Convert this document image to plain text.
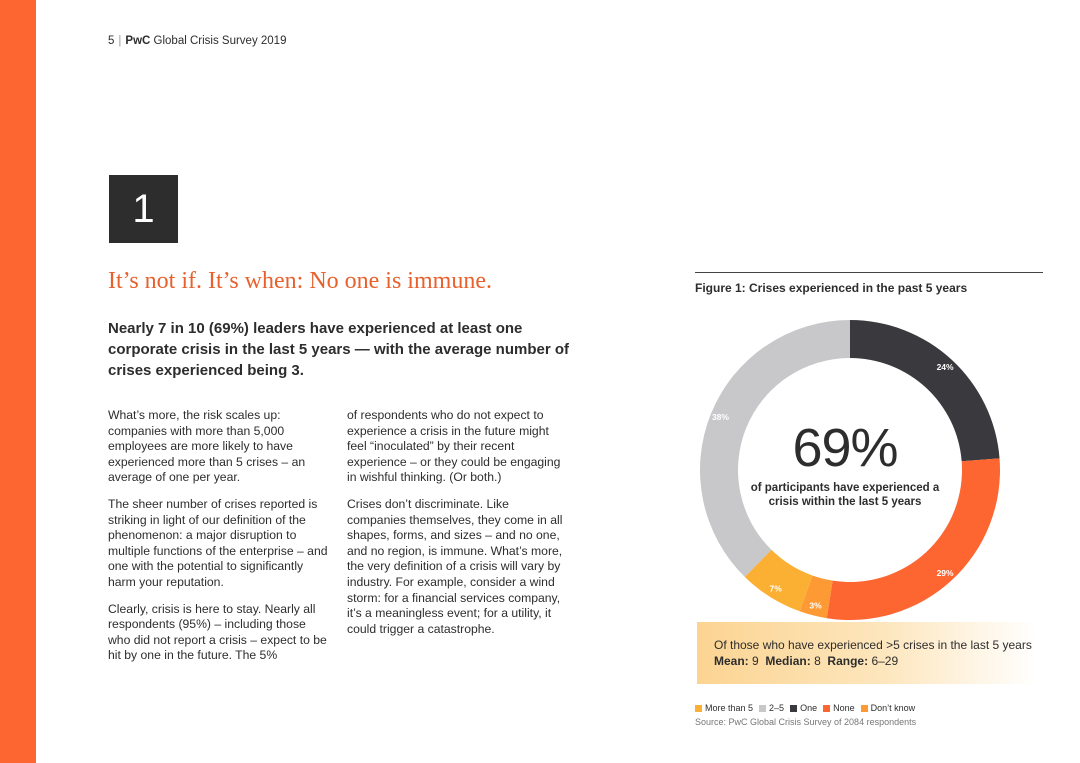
5 | PwC Global Crisis Survey 2019
1
It’s not if. It’s when: No one is immune.
Nearly 7 in 10 (69%) leaders have experienced at least one corporate crisis in the last 5 years — with the average number of crises experienced being 3.

What’s more, the risk scales up: companies with more than 5,000 employees are more likely to have experienced more than 5 crises – an average of one per year.

The sheer number of crises reported is striking in light of our definition of the phenomenon: a major disruption to multiple functions of the enterprise – and one with the potential to significantly harm your reputation.

Clearly, crisis is here to stay. Nearly all respondents (95%) – including those who did not report a crisis – expect to be hit by one in the future. The 5%

of respondents who do not expect to experience a crisis in the future might feel “inoculated” by their recent experience – or they could be engaging in wishful thinking. (Or both.)

Crises don’t discriminate. Like companies themselves, they come in all shapes, forms, and sizes – and no one, and no region, is immune. What’s more, the very definition of a crisis will vary by industry. For example, consider a wind storm: for a financial services company, it’s a meaningless event; for a utility, it could trigger a catastrophe.

Figure 1: Crises experienced in the past 5 years
24%
29%
3%
7%
38%
69%
of participants have experienced a crisis within the last 5 years
Of those who have experienced >5 crises in the last 5 years
Mean: 9 Median: 8 Range: 6–29
More than 5 2–5 One None Don’t know
Source: PwC Global Crisis Survey of 2084 respondents
